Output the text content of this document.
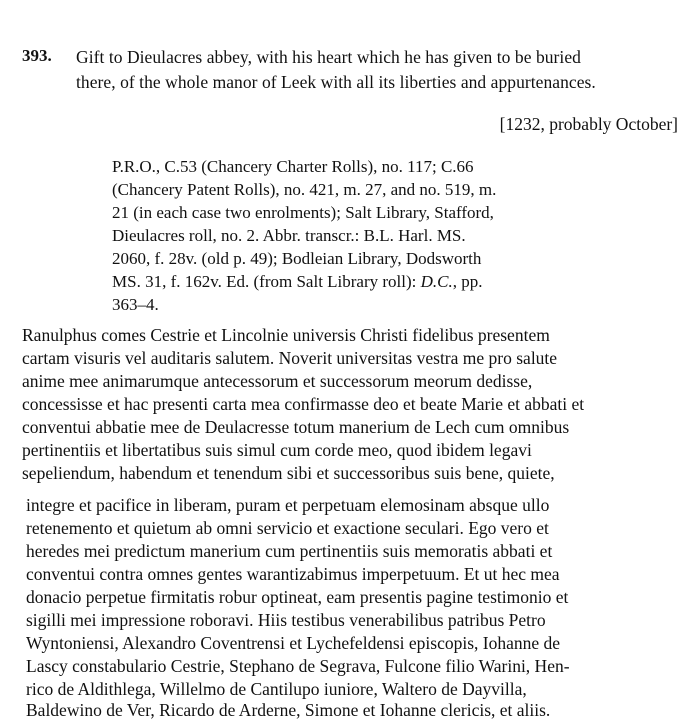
393. Gift to Dieulacres abbey, with his heart which he has given to be buried
there, of the whole manor of Leek with all its liberties and appurtenances.
[1232, probably October]
P.R.O., C.53 (Chancery Charter Rolls), no. 117; C.66
(Chancery Patent Rolls), no. 421, m. 27, and no. 519, m.
21 (in each case two enrolments); Salt Library, Stafford,
Dieulacres roll, no. 2. Abbr. transcr.: B.L. Harl. MS.
2060, f. 28v. (old p. 49); Bodleian Library, Dodsworth
MS. 31, f. 162v. Ed. (from Salt Library roll): D.C., pp.
363–4.
Ranulphus comes Cestrie et Lincolnie universis Christi fidelibus presentem
cartam visuris vel auditaris salutem. Noverit universitas vestra me pro salute
anime mee animarumque antecessorum et successorum meorum dedisse,
concessisse et hac presenti carta mea confirmasse deo et beate Marie et abbati et
conventui abbatie mee de Deulacresse totum manerium de Lech cum omnibus
pertinentiis et libertatibus suis simul cum corde meo, quod ibidem legavi
sepeliendum, habendum et tenendum sibi et successoribus suis bene, quiete,
integre et pacifice in liberam, puram et perpetuam elemosinam absque ullo
retenemento et quietum ab omni servicio et exactione seculari. Ego vero et
heredes mei predictum manerium cum pertinentiis suis memoratis abbati et
conventui contra omnes gentes warantizabimus imperpetuum. Et ut hec mea
donacio perpetue firmitatis robur optineat, eam presentis pagine testimonio et
sigilli mei impressione roboravi. Hiis testibus venerabilibus patribus Petro
Wyntoniensi, Alexandro Coventrensi et Lychefeldensi episcopis, Iohanne de
Lascy constabulario Cestrie, Stephano de Segrava, Fulcone filio Warini, Hen-
rico de Aldithlega, Willelmo de Cantilupo iuniore, Waltero de Dayvilla,
Baldewino de Ver, Ricardo de Arderne, Simone et Iohanne clericis, et aliis.
